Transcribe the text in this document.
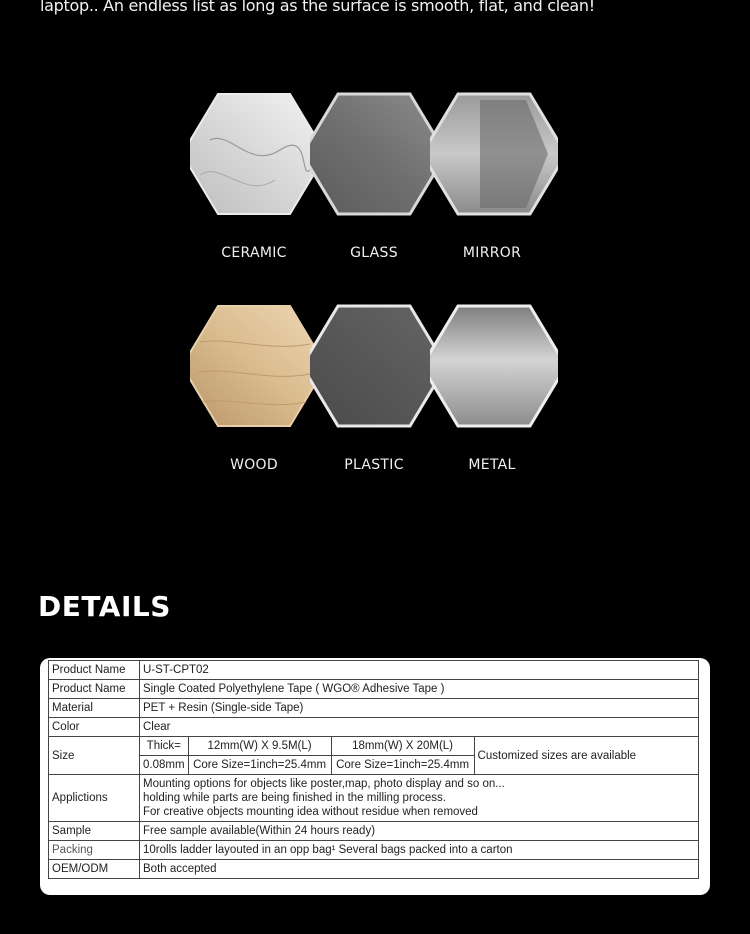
laptop.. An endless list as long as the surface is smooth, flat, and clean!
CERAMIC	GLASS	MIRROR
WOOD	PLASTIC	METAL
DETAILS
Product Name	U-ST-CPT02			
Product Name	Single Coated Polyethylene Tape ( WGO® Adhesive Tape )			
Material	PET + Resin (Single-side Tape)			
Color	Clear			
Size	Thick=	12mm(W) X 9.5M(L)	18mm(W) X 20M(L)	Customized sizes are available
	0.08mm	Core Size=1inch=25.4mm	Core Size=1inch=25.4mm	
Applictions	Mounting options for objects like poster,map, photo display and so on...
holding while parts are being finished in the milling process.
For creative objects mounting idea without residue when removed			

Sample	Free sample available(Within 24 hours ready)			
Packing	10rolls ladder layouted in an opp bag¹ Several bags packed into a carton			
OEM/ODM	Both accepted			
